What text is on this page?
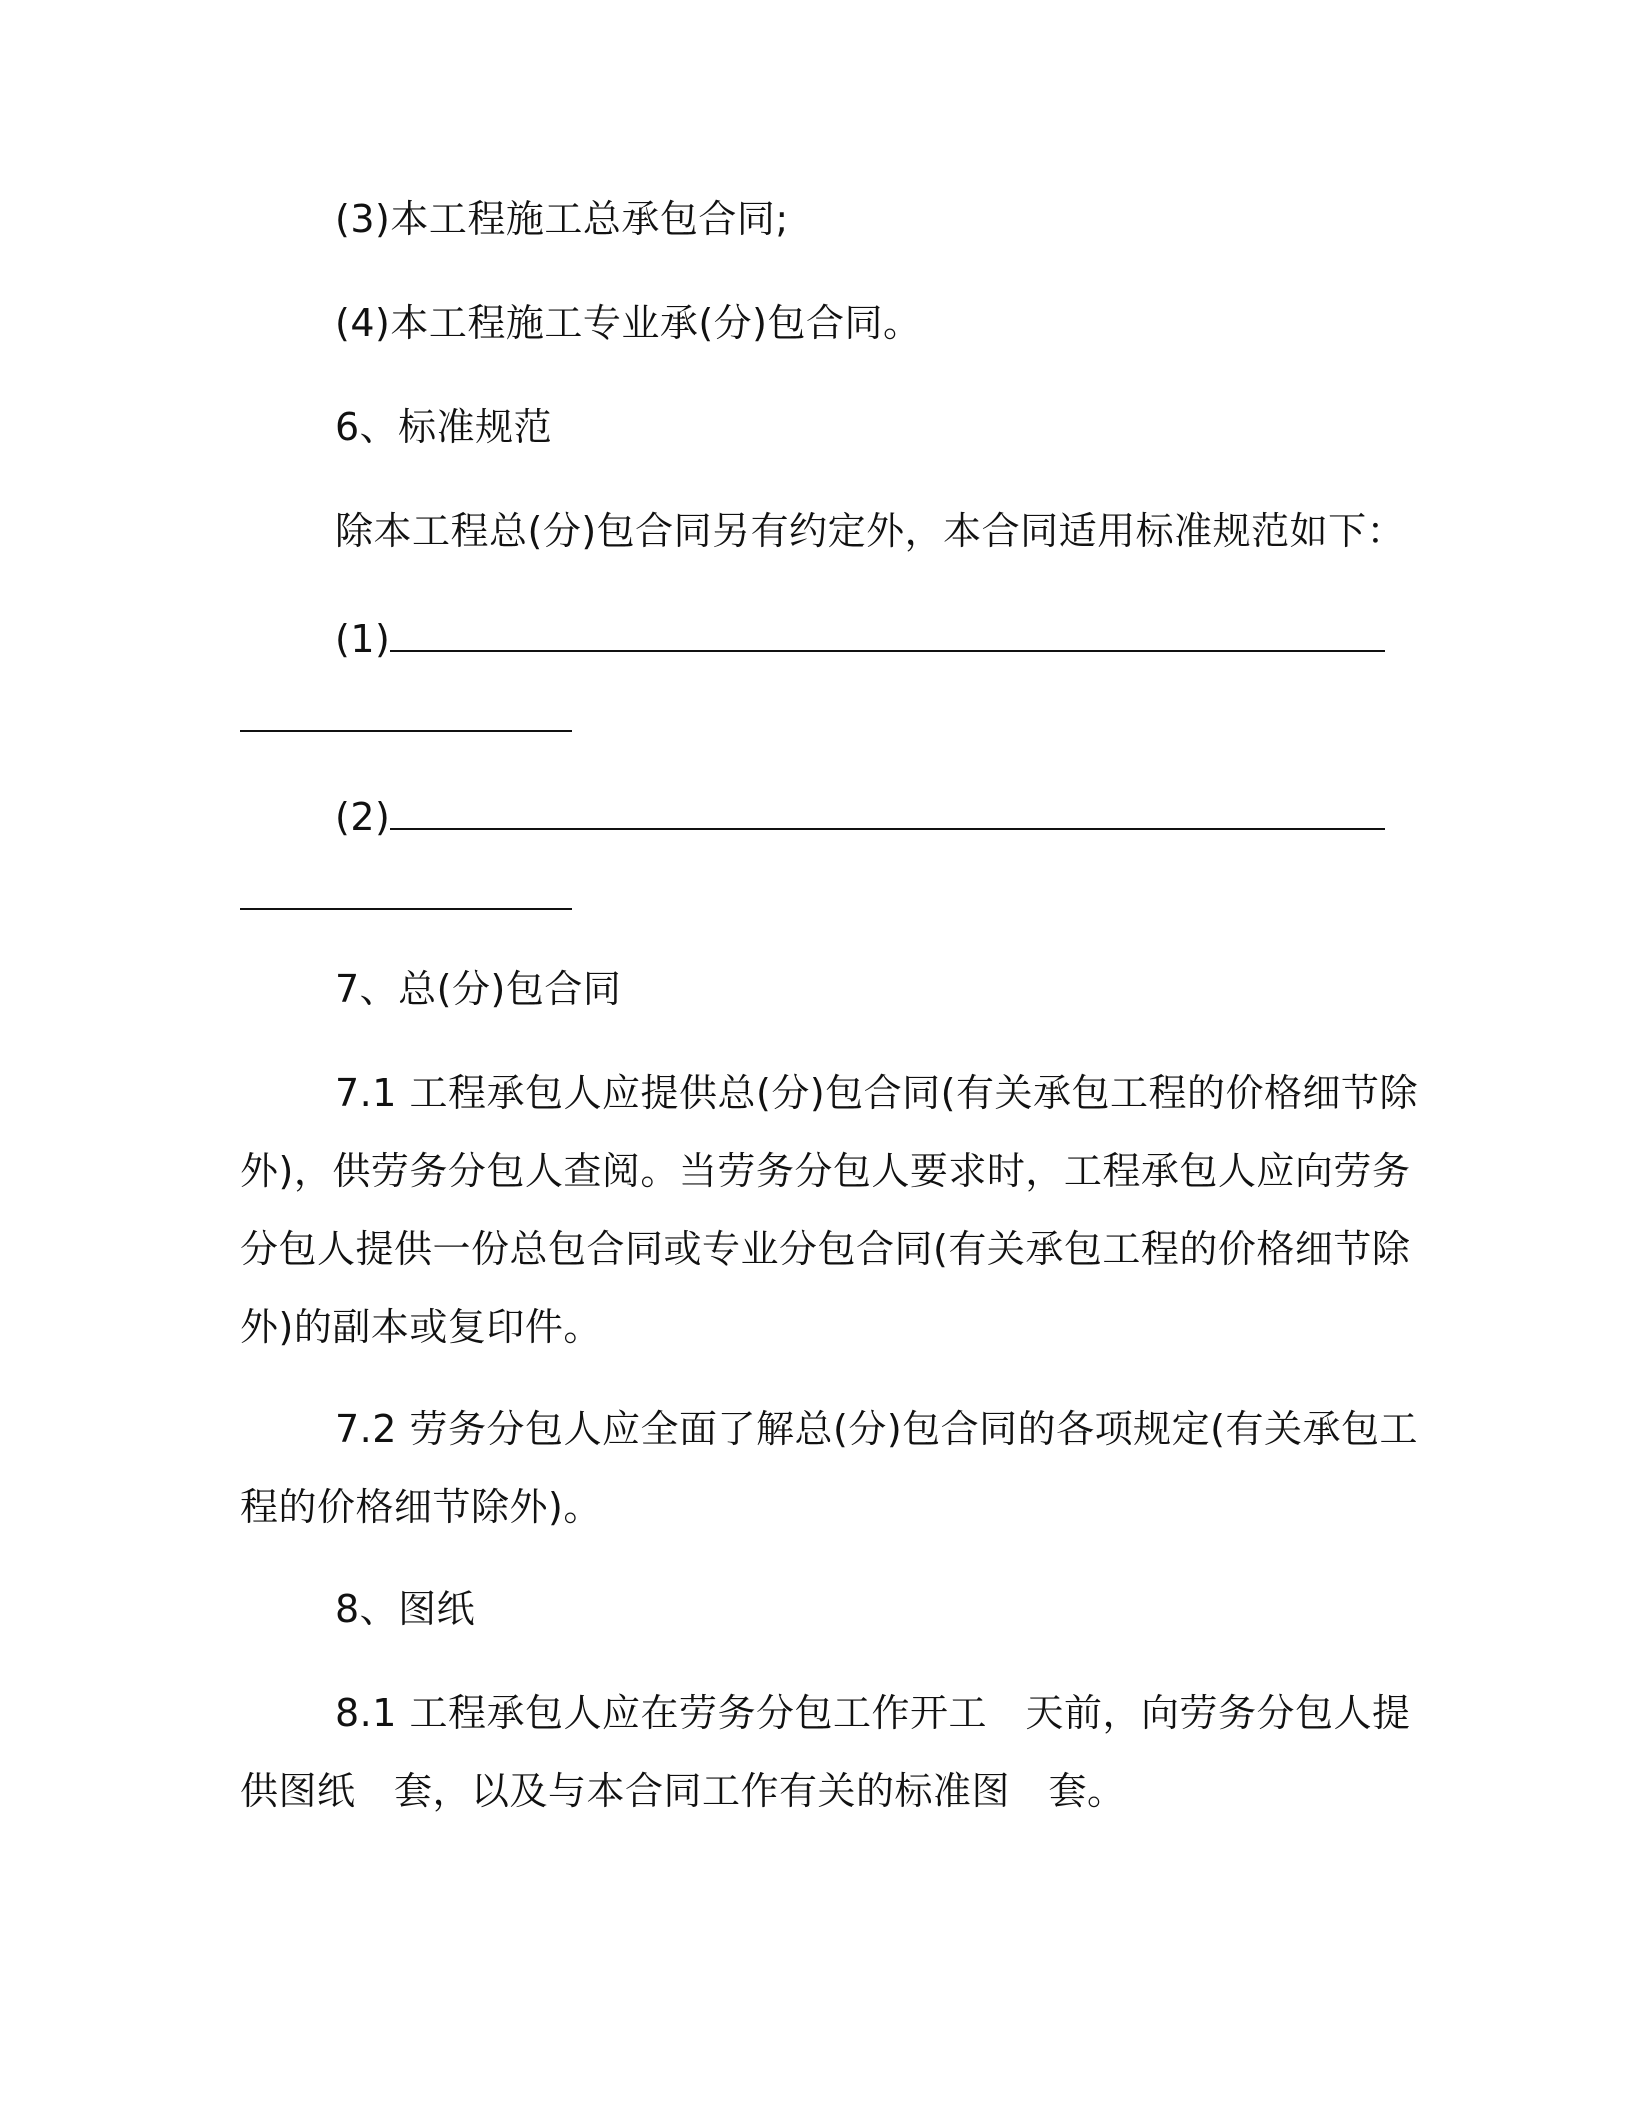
(3)本工程施工总承包合同;
(4)本工程施工专业承(分)包合同。
6、标准规范
除本工程总(分)包合同另有约定外，本合同适用标准规范如下：
(1)
(2)
7、总(分)包合同
7.1 工程承包人应提供总(分)包合同(有关承包工程的价格细节除
外)，供劳务分包人查阅。当劳务分包人要求时，工程承包人应向劳务
分包人提供一份总包合同或专业分包合同(有关承包工程的价格细节除
外)的副本或复印件。
7.2 劳务分包人应全面了解总(分)包合同的各项规定(有关承包工
程的价格细节除外)。
8、图纸
8.1 工程承包人应在劳务分包工作开工　天前，向劳务分包人提
供图纸　套，以及与本合同工作有关的标准图　套。
